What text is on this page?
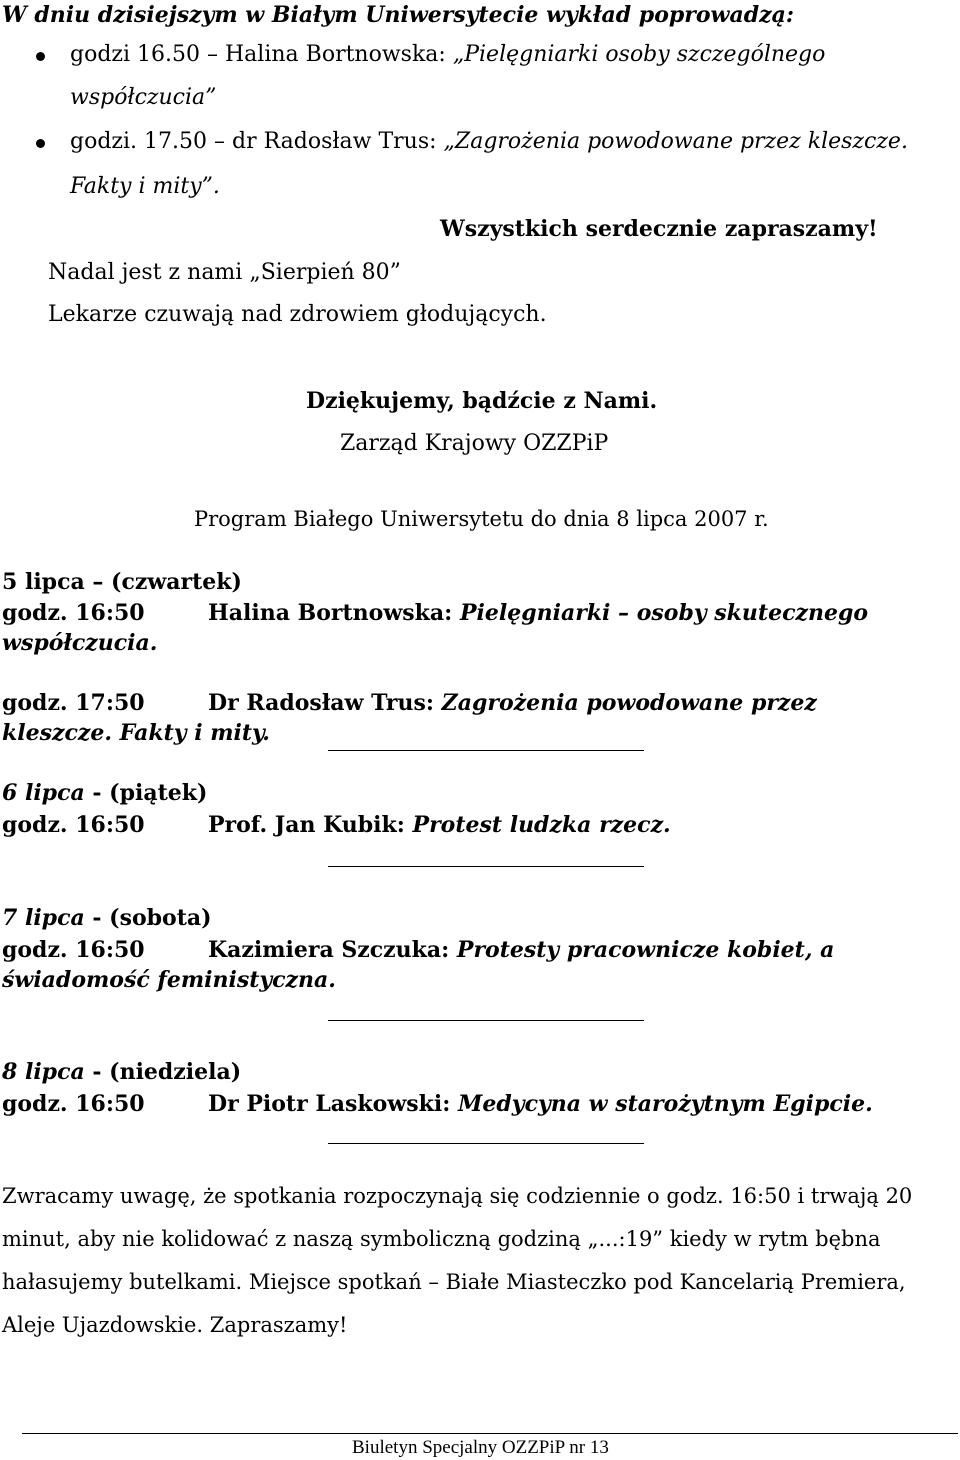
W dniu dzisiejszym w Białym Uniwersytecie wykład poprowadzą:
godzi 16.50 – Halina Bortnowska: „Pielęgniarki osoby szczególnego
współczucia”
godzi. 17.50 – dr Radosław Trus: „Zagrożenia powodowane przez kleszcze.
Fakty i mity”.
Wszystkich serdecznie zapraszamy!
Nadal jest z nami „Sierpień 80”
Lekarze czuwają nad zdrowiem głodujących.
Dziękujemy, bądźcie z Nami.
Zarząd Krajowy OZZPiP
Program Białego Uniwersytetu do dnia 8 lipca 2007 r.
5 lipca – (czwartek)
godz. 16:50	Halina Bortnowska: Pielęgniarki – osoby skutecznego
współczucia.
godz. 17:50	Dr Radosław Trus: Zagrożenia powodowane przez
kleszcze. Fakty i mity.
6 lipca - (piątek)
godz. 16:50	Prof. Jan Kubik: Protest ludzka rzecz.
7 lipca - (sobota)
godz. 16:50	Kazimiera Szczuka: Protesty pracownicze kobiet, a
świadomość feministyczna.
8 lipca - (niedziela)
godz. 16:50	Dr Piotr Laskowski: Medycyna w starożytnym Egipcie.
Zwracamy uwagę, że spotkania rozpoczynają się codziennie o godz. 16:50 i trwają 20
minut, aby nie kolidować z naszą symboliczną godziną „...:19” kiedy w rytm bębna
hałasujemy butelkami. Miejsce spotkań – Białe Miasteczko pod Kancelarią Premiera,
Aleje Ujazdowskie. Zapraszamy!
Biuletyn Specjalny OZZPiP nr 13
